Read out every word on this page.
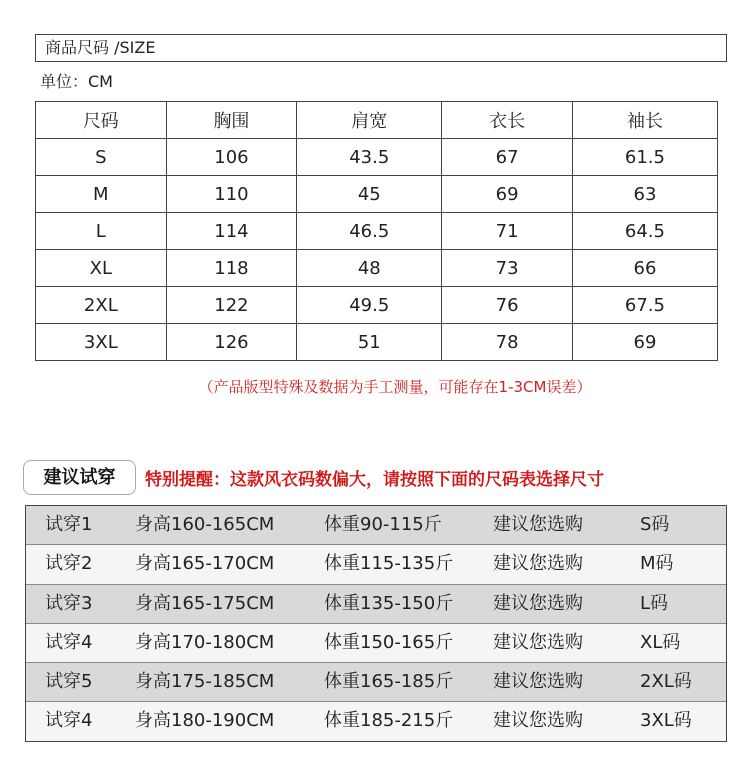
商品尺码 /SIZE
单位：CM
尺码	胸围	肩宽	衣长	袖长
S	106	43.5	67	61.5
M	110	45	69	63
L	114	46.5	71	64.5
XL	118	48	73	66
2XL	122	49.5	76	67.5
3XL	126	51	78	69
（产品版型特殊及数据为手工测量，可能存在1-3CM误差）
建议试穿	特别提醒：这款风衣码数偏大，请按照下面的尺码表选择尺寸
试穿1 身高160-165CM	体重90-115斤	建议您选购	S码
试穿2 身高165-170CM	体重115-135斤 建议您选购	M码
试穿3 身高165-175CM	体重135-150斤 建议您选购	L码
试穿4 身高170-180CM	体重150-165斤 建议您选购	XL码
试穿5 身高175-185CM	体重165-185斤 建议您选购	2XL码
试穿4 身高180-190CM	体重185-215斤 建议您选购	3XL码
